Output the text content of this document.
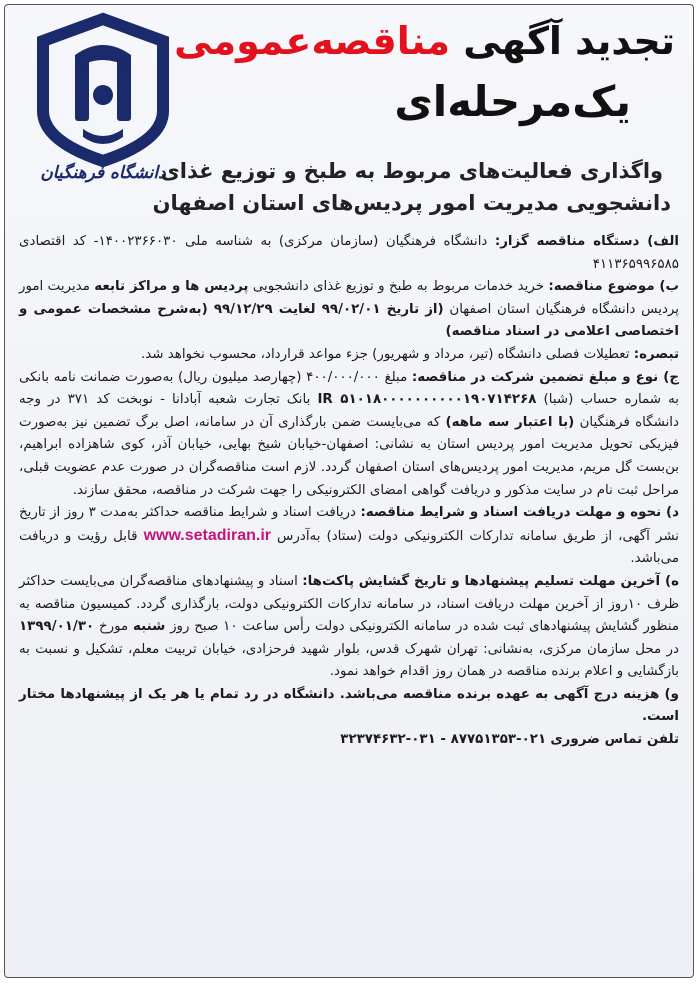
دانشگاه فرهنگیان
تجدید آگهی مناقصه‌عمومی
یک‌مرحله‌ای
واگذاری فعالیت‌های مربوط به طبخ و توزیع غذای
دانشجویی مدیریت امور پردیس‌های استان اصفهان

الف) دستگاه مناقصه گزار: دانشگاه فرهنگیان (سازمان مرکزی) به شناسه ملی ۱۴۰۰۲۳۶۶۰۳۰- کد اقتصادی ۴۱۱۳۶۵۹۹۶۵۸۵

ب) موضوع مناقصه: خرید خدمات مربوط به طبخ و توزیع غذای دانشجویی پردیس ها و مراکز تابعه مدیریت امور پردیس دانشگاه فرهنگیان استان اصفهان (از تاریخ ۹۹/۰۲/۰۱ لغایت ۹۹/۱۲/۲۹ (به‌شرح مشخصات عمومی و اختصاصی اعلامی در اسناد مناقصه)

تبصره: تعطیلات فصلی دانشگاه (تیر، مرداد و شهریور) جزء مواعد قرارداد، محسوب نخواهد شد.

ج) نوع و مبلغ تضمین شرکت در مناقصه: مبلغ ۴۰۰/۰۰۰/۰۰۰ (چهارصد میلیون ریال) به‌صورت ضمانت نامه بانکی به شماره حساب (شبا) IR ۵۱۰۱۸۰۰۰۰۰۰۰۰۰۰۱۹۰۷۱۴۲۶۸ بانک تجارت شعبه آبادانا - نوبخت کد ۳۷۱ در وجه دانشگاه فرهنگیان (با اعتبار سه ماهه) که می‌بایست ضمن بارگذاری آن در سامانه، اصل برگ تضمین نیز به‌صورت فیزیکی تحویل مدیریت امور پردیس استان به نشانی: اصفهان-خیابان شیخ بهایی، خیابان آذر، کوی شاهزاده ابراهیم، بن‌بست گل مریم، مدیریت امور پردیس‌های استان اصفهان گردد. لازم است مناقصه‌گران در صورت عدم عضویت قبلی، مراحل ثبت نام در سایت مذکور و دریافت گواهی امضای الکترونیکی را جهت شرکت در مناقصه، محقق سازند.

د) نحوه و مهلت دریافت اسناد و شرایط مناقصه: دریافت اسناد و شرایط مناقصه حداکثر به‌مدت ۳ روز از تاریخ نشر آگهی، از طریق سامانه تدارکات الکترونیکی دولت (ستاد) به‌آدرس www.setadiran.ir قابل رؤیت و دریافت می‌باشد.

ه) آخرین مهلت تسلیم پیشنهادها و تاریخ گشایش پاکت‌ها: اسناد و پیشنهادهای مناقصه‌گران می‌بایست حداکثر ظرف ۱۰روز از آخرین مهلت دریافت اسناد، در سامانه تدارکات الکترونیکی دولت، بارگذاری گردد. کمیسیون مناقصه به منظور گشایش پیشنهادهای ثبت شده در سامانه الکترونیکی دولت رأس ساعت ۱۰ صبح روز شنبه مورخ ۱۳۹۹/۰۱/۳۰ در محل سازمان مرکزی، به‌نشانی: تهران شهرک قدس، بلوار شهید فرحزادی، خیابان تربیت معلم، تشکیل و نسبت به بازگشایی و اعلام برنده مناقصه در همان روز اقدام خواهد نمود.

و) هزینه درج آگهی به عهده برنده مناقصه می‌باشد. دانشگاه در رد تمام یا هر یک از پیشنهادها مختار است.

تلفن تماس ضروری ۰۲۱-۸۷۷۵۱۳۵۳ - ۰۳۱-۳۲۳۷۴۶۳۲
